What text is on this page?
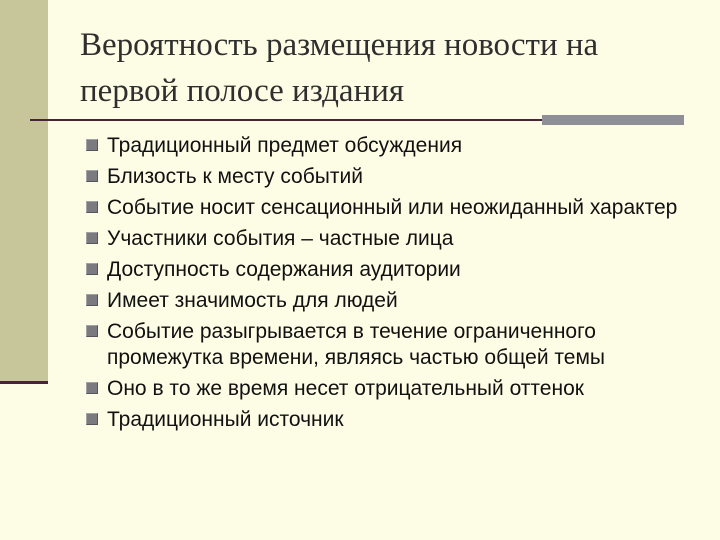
Вероятность размещения новости на первой полосе издания
Традиционный предмет обсуждения
Близость к месту событий
Событие носит сенсационный или неожиданный характер
Участники события – частные лица
Доступность содержания аудитории
Имеет значимость для людей
Событие разыгрывается в течение ограниченного промежутка времени, являясь частью общей темы
Оно в то же время несет отрицательный оттенок
Традиционный источник
